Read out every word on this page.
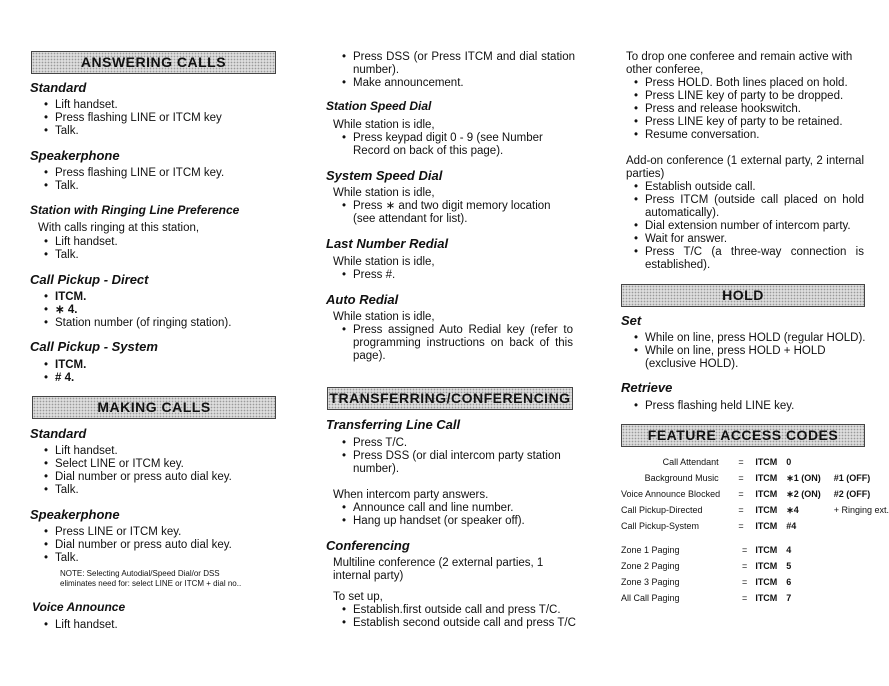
ANSWERING CALLS
Standard
• Lift handset.
• Press flashing LINE or ITCM key
• Talk.
Speakerphone
• Press flashing LINE or ITCM key.
• Talk.
Station with Ringing Line Preference
With calls ringing at this station,
• Lift handset.
• Talk.
Call Pickup - Direct
• ITCM.
• ∗ 4.
• Station number (of ringing station).
Call Pickup - System
• ITCM.
• # 4.
MAKING CALLS
Standard
• Lift handset.
• Select LINE or ITCM key.
• Dial number or press auto dial key.
• Talk.
Speakerphone
• Press LINE or ITCM key.
• Dial number or press auto dial key.
• Talk.
NOTE: Selecting Autodial/Speed Dial/or DSS
eliminates need for: select LINE or ITCM + dial no..
Voice Announce
• Lift handset.
• Press DSS (or Press ITCM and dial station number).
• Make announcement.
Station Speed Dial
While station is idle,
• Press keypad digit 0 - 9 (see Number Record on back of this page).
System Speed Dial
While station is idle,
• Press ∗ and two digit memory location (see attendant for list).
Last Number Redial
While station is idle,
• Press #.
Auto Redial
While station is idle,
• Press assigned Auto Redial key (refer to programming instructions on back of this page).
TRANSFERRING/CONFERENCING
Transferring Line Call
• Press T/C.
• Press DSS (or dial intercom party station number).
When intercom party answers.
• Announce call and line number.
• Hang up handset (or speaker off).
Conferencing
Multiline conference (2 external parties, 1 internal party)
To set up,
• Establish.first outside call and press T/C.
• Establish second outside call and press T/C
To drop one conferee and remain active with other conferee,
• Press HOLD. Both lines placed on hold.
• Press LINE key of party to be dropped.
• Press and release hookswitch.
• Press LINE key of party to be retained.
• Resume conversation.
Add-on conference (1 external party, 2 internal parties)
• Establish outside call.
• Press ITCM (outside call placed on hold automatically).
• Dial extension number of intercom party.
• Wait for answer.
• Press T/C (a three-way connection is established).
HOLD
Set
• While on line, press HOLD (regular HOLD).
• While on line, press HOLD + HOLD (exclusive HOLD).
Retrieve
• Press flashing held LINE key.
FEATURE ACCESS CODES
Call Attendant	=	ITCM	0	
Background Music	=	ITCM	∗1 (ON)	#1 (OFF)
Voice Announce Blocked	=	ITCM	∗2 (ON)	#2 (OFF)
Call Pickup-Directed	=	ITCM	∗4	+ Ringing ext.
Call Pickup-System	=	ITCM	#4	

Zone 1 Paging	=	ITCM	4	
Zone 2 Paging	=	ITCM	5	
Zone 3 Paging	=	ITCM	6	
All Call Paging	=	ITCM	7	
